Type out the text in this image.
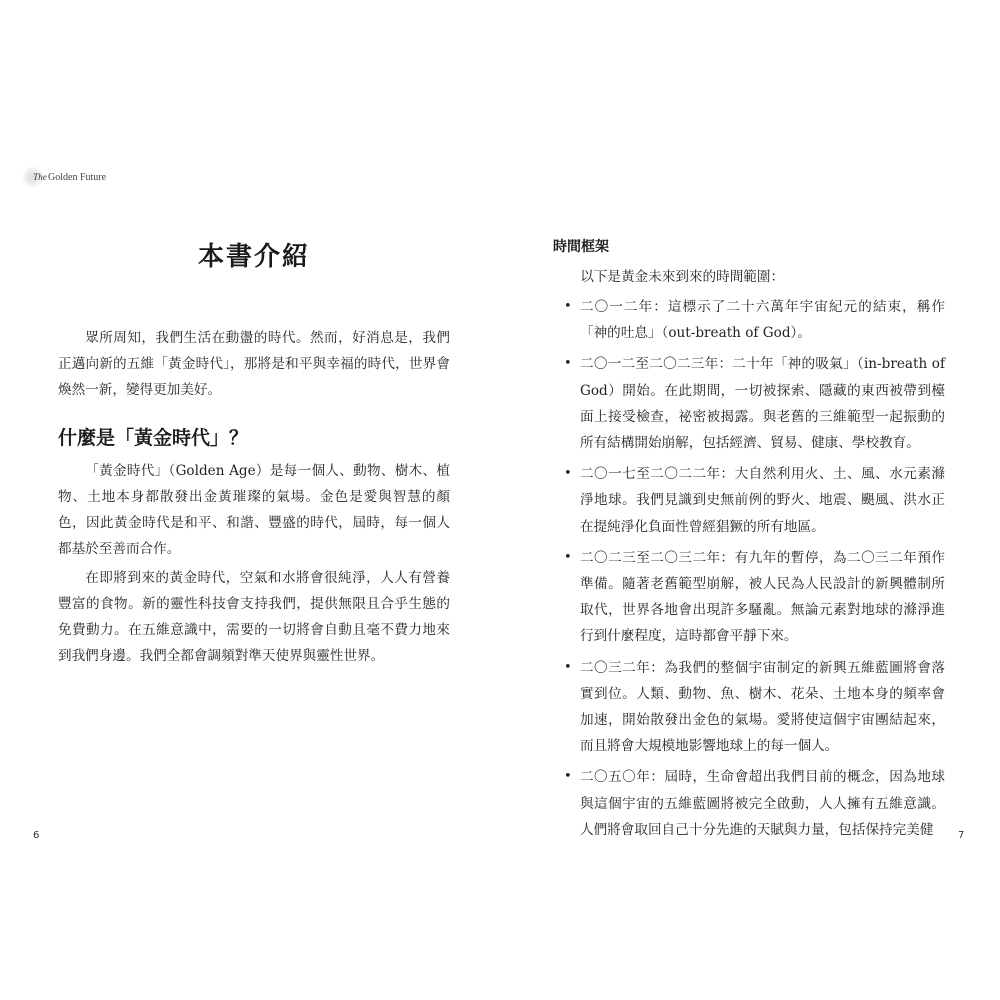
The Golden Future
本書介紹

眾所周知，我們生活在動盪的時代。然而，好消息是，我們正邁向新的五維「黃金時代」，那將是和平與幸福的時代，世界會煥然一新，變得更加美好。

什麼是「黃金時代」？

「黃金時代」（Golden Age）是每一個人、動物、樹木、植物、土地本身都散發出金黃璀璨的氣場。金色是愛與智慧的顏色，因此黃金時代是和平、和諧、豐盛的時代，屆時，每一個人都基於至善而合作。

在即將到來的黃金時代，空氣和水將會很純淨，人人有營養豐富的食物。新的靈性科技會支持我們，提供無限且合乎生態的免費動力。在五維意識中，需要的一切將會自動且毫不費力地來到我們身邊。我們全都會調頻對準天使界與靈性世界。

時間框架

以下是黃金未來到來的時間範圍：

• 二〇一二年：這標示了二十六萬年宇宙紀元的結束，稱作「神的吐息」（out-breath of God）。
• 二〇一二至二〇二三年：二十年「神的吸氣」（in-breath of God）開始。在此期間，一切被探索、隱藏的東西被帶到檯面上接受檢查，祕密被揭露。與老舊的三維範型一起振動的所有結構開始崩解，包括經濟、貿易、健康、學校教育。
• 二〇一七至二〇二二年：大自然利用火、土、風、水元素滌淨地球。我們見識到史無前例的野火、地震、颶風、洪水正在提純淨化負面性曾經猖獗的所有地區。
• 二〇二三至二〇三二年：有九年的暫停，為二〇三二年預作準備。隨著老舊範型崩解，被人民為人民設計的新興體制所取代，世界各地會出現許多騷亂。無論元素對地球的滌淨進行到什麼程度，這時都會平靜下來。
• 二〇三二年：為我們的整個宇宙制定的新興五維藍圖將會落實到位。人類、動物、魚、樹木、花朵、土地本身的頻率會加速，開始散發出金色的氣場。愛將使這個宇宙團結起來，而且將會大規模地影響地球上的每一個人。
• 二〇五〇年：屆時，生命會超出我們目前的概念，因為地球與這個宇宙的五維藍圖將被完全啟動，人人擁有五維意識。人們將會取回自己十分先進的天賦與力量，包括保持完美健
6	7
